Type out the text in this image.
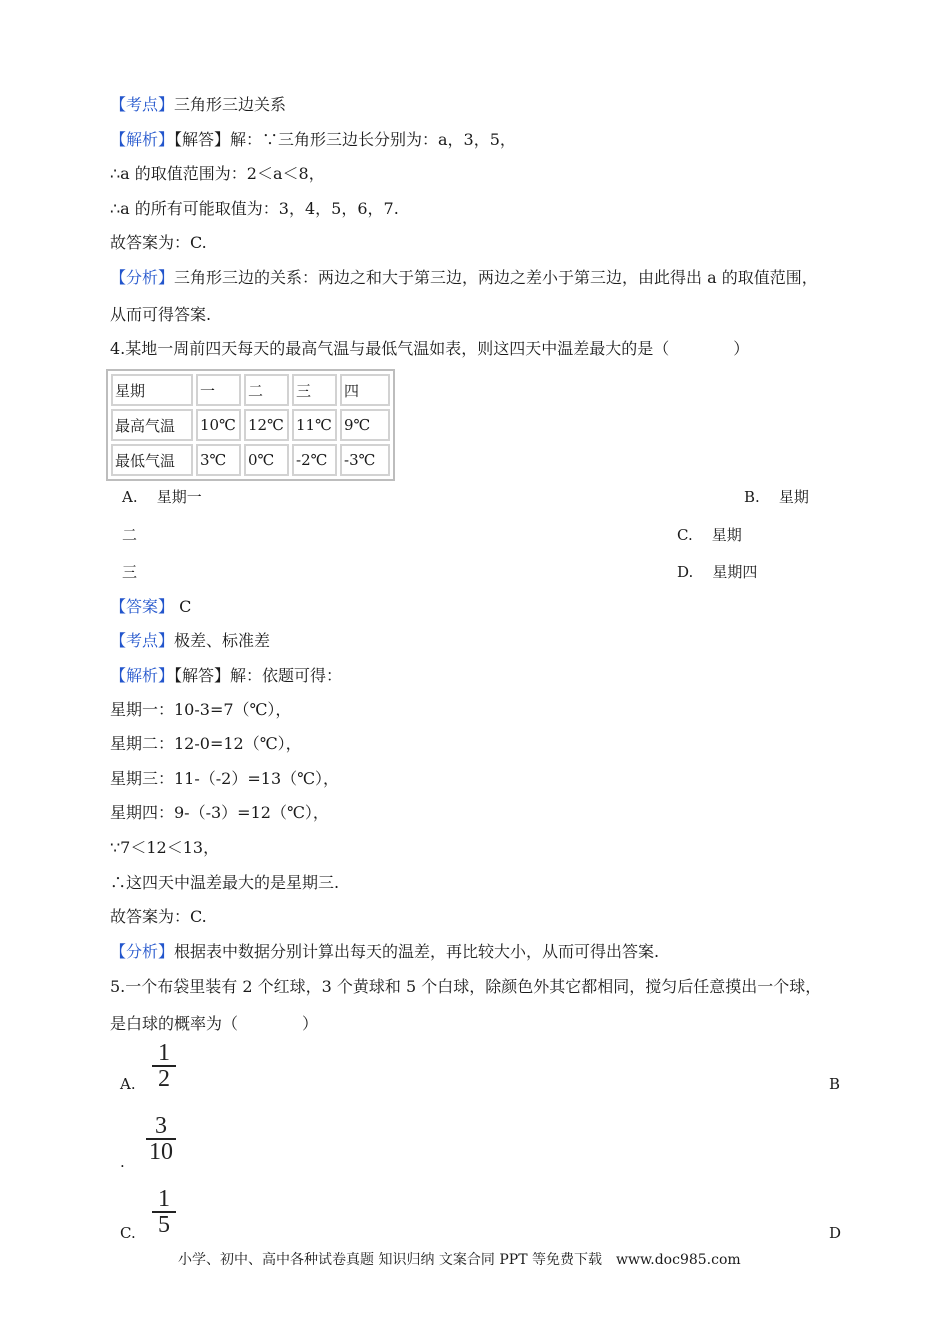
【考点】三角形三边关系
【解析】【解答】解：∵三角形三边长分别为：a，3，5，
∴a 的取值范围为：2＜a＜8，
∴a 的所有可能取值为：3，4，5，6，7.
故答案为：C.
【分析】三角形三边的关系：两边之和大于第三边，两边之差小于第三边，由此得出 a 的取值范围，
从而可得答案.
4.某地一周前四天每天的最高气温与最低气温如表，则这四天中温差最大的是（　　　　）
星期	一	二	三	四
最高气温	10℃	12℃	11℃	9℃
最低气温	3℃	0℃	-2℃	-3℃
A. 星期一	B. 星期
二	C. 星期
三	D. 星期四
【答案】 C
【考点】极差、标准差
【解析】【解答】解：依题可得：
星期一：10-3=7（℃），
星期二：12-0=12（℃），
星期三：11-（-2）=13（℃），
星期四：9-（-3）=12（℃），
∵7＜12＜13，
∴这四天中温差最大的是星期三.
故答案为：C.
【分析】根据表中数据分别计算出每天的温差，再比较大小，从而可得出答案.
5.一个布袋里装有 2 个红球，3 个黄球和 5 个白球，除颜色外其它都相同，搅匀后任意摸出一个球，
是白球的概率为（　　　　）
A.
1
2	B
.
3
10
C.
1
5	D
小学、初中、高中各种试卷真题 知识归纳 文案合同 PPT 等免费下载　www.doc985.com
